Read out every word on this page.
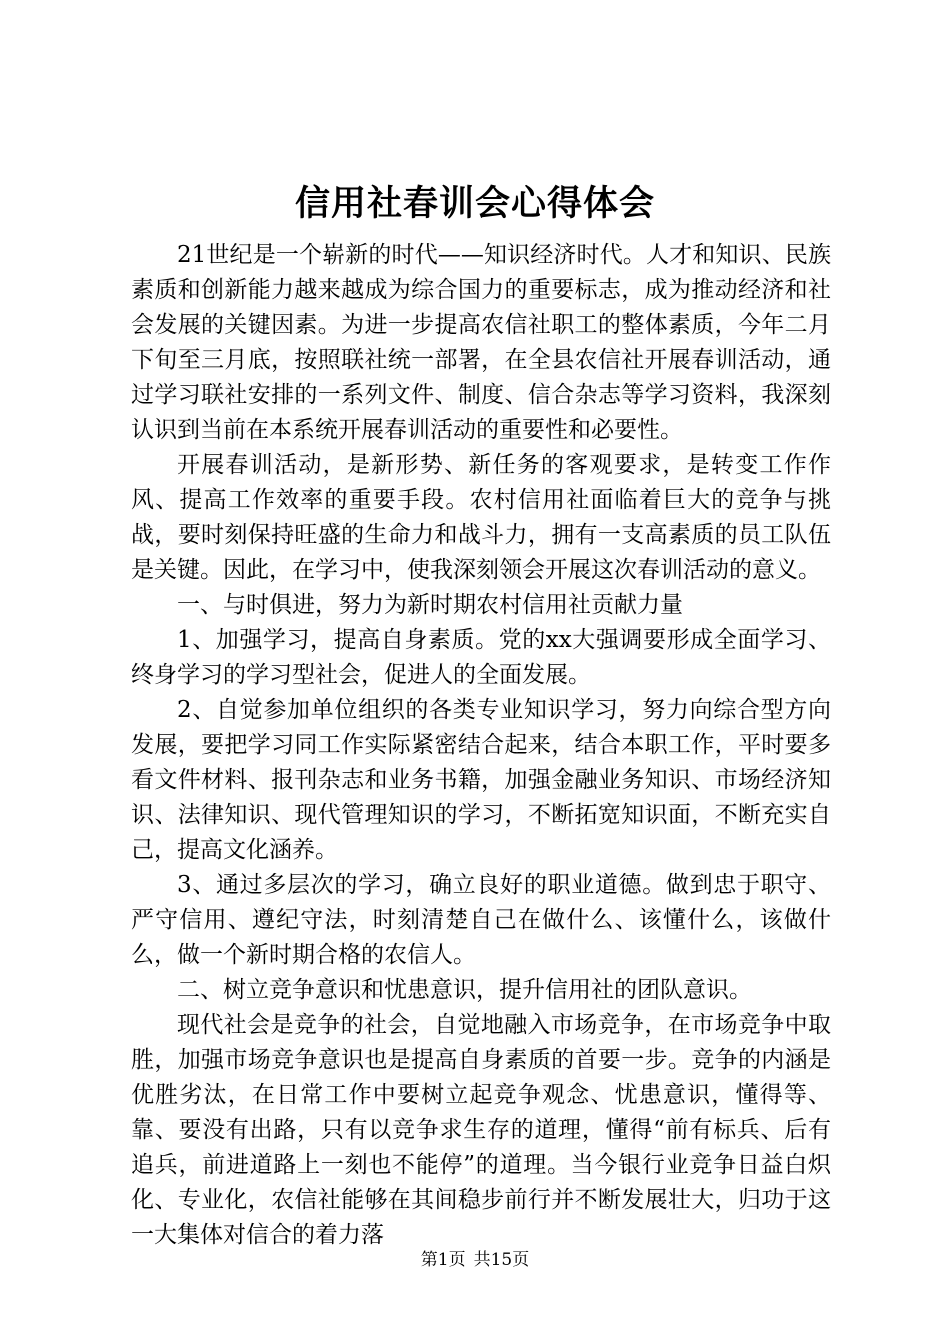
信用社春训会心得体会

21世纪是一个崭新的时代——知识经济时代。人才和知识、民族素质和创新能力越来越成为综合国力的重要标志，成为推动经济和社会发展的关键因素。为进一步提高农信社职工的整体素质，今年二月下旬至三月底，按照联社统一部署，在全县农信社开展春训活动，通过学习联社安排的一系列文件、制度、信合杂志等学习资料，我深刻认识到当前在本系统开展春训活动的重要性和必要性。

开展春训活动，是新形势、新任务的客观要求，是转变工作作风、提高工作效率的重要手段。农村信用社面临着巨大的竞争与挑战，要时刻保持旺盛的生命力和战斗力，拥有一支高素质的员工队伍是关键。因此，在学习中，使我深刻领会开展这次春训活动的意义。

一、与时俱进，努力为新时期农村信用社贡献力量

1、加强学习，提高自身素质。党的xx大强调要形成全面学习、终身学习的学习型社会，促进人的全面发展。

2、自觉参加单位组织的各类专业知识学习，努力向综合型方向发展，要把学习同工作实际紧密结合起来，结合本职工作，平时要多看文件材料、报刊杂志和业务书籍，加强金融业务知识、市场经济知识、法律知识、现代管理知识的学习，不断拓宽知识面，不断充实自己，提高文化涵养。

3、通过多层次的学习，确立良好的职业道德。做到忠于职守、严守信用、遵纪守法，时刻清楚自己在做什么、该懂什么，该做什么，做一个新时期合格的农信人。

二、树立竞争意识和忧患意识，提升信用社的团队意识。

现代社会是竞争的社会，自觉地融入市场竞争，在市场竞争中取胜，加强市场竞争意识也是提高自身素质的首要一步。竞争的内涵是优胜劣汰，在日常工作中要树立起竞争观念、忧患意识，懂得等、靠、要没有出路，只有以竞争求生存的道理，懂得“前有标兵、后有追兵，前进道路上一刻也不能停”的道理。当今银行业竞争日益白炽化、专业化，农信社能够在其间稳步前行并不断发展壮大，归功于这一大集体对信合的着力落

第1页 共15页
